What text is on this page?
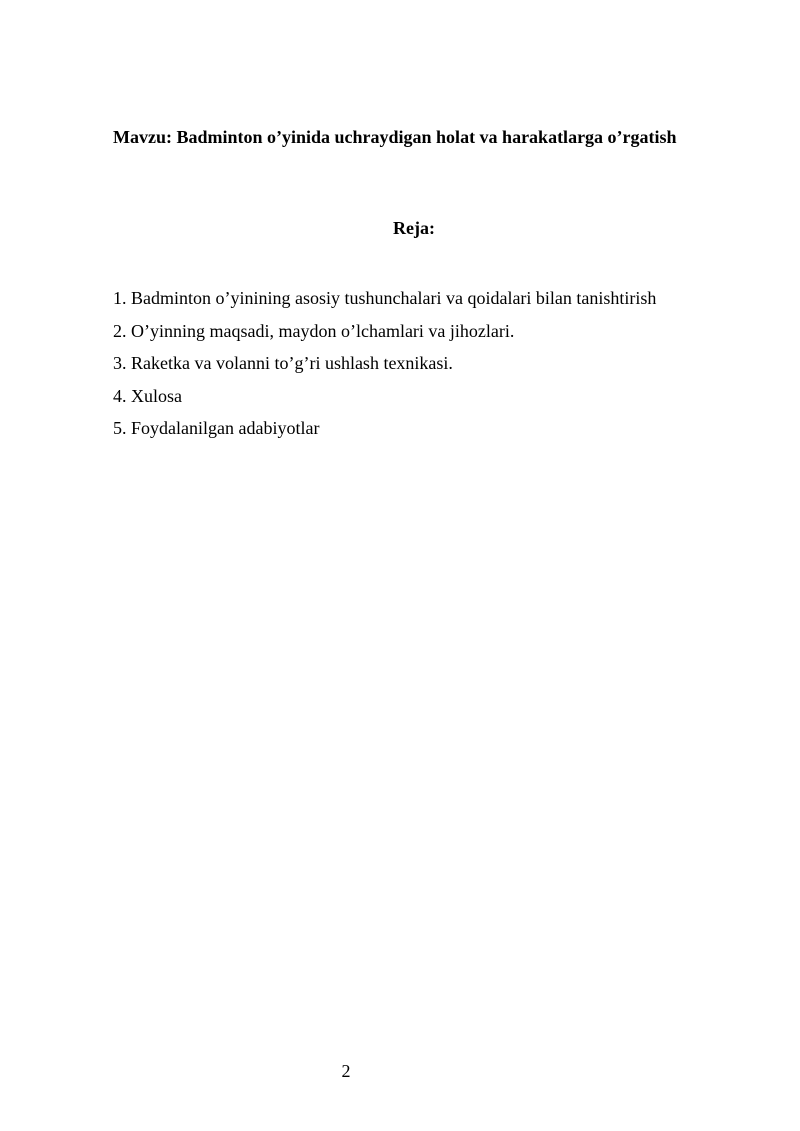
Mavzu: Badminton o’yinida uchraydigan holat va harakatlarga o’rgatish
Reja:
1. Badminton o’yinining asosiy tushunchalari va qoidalari bilan tanishtirish
2. O’yinning maqsadi, maydon o’lchamlari va jihozlari.
3. Raketka va volanni to’g’ri ushlash texnikasi.
4. Xulosa
5. Foydalanilgan adabiyotlar
2
